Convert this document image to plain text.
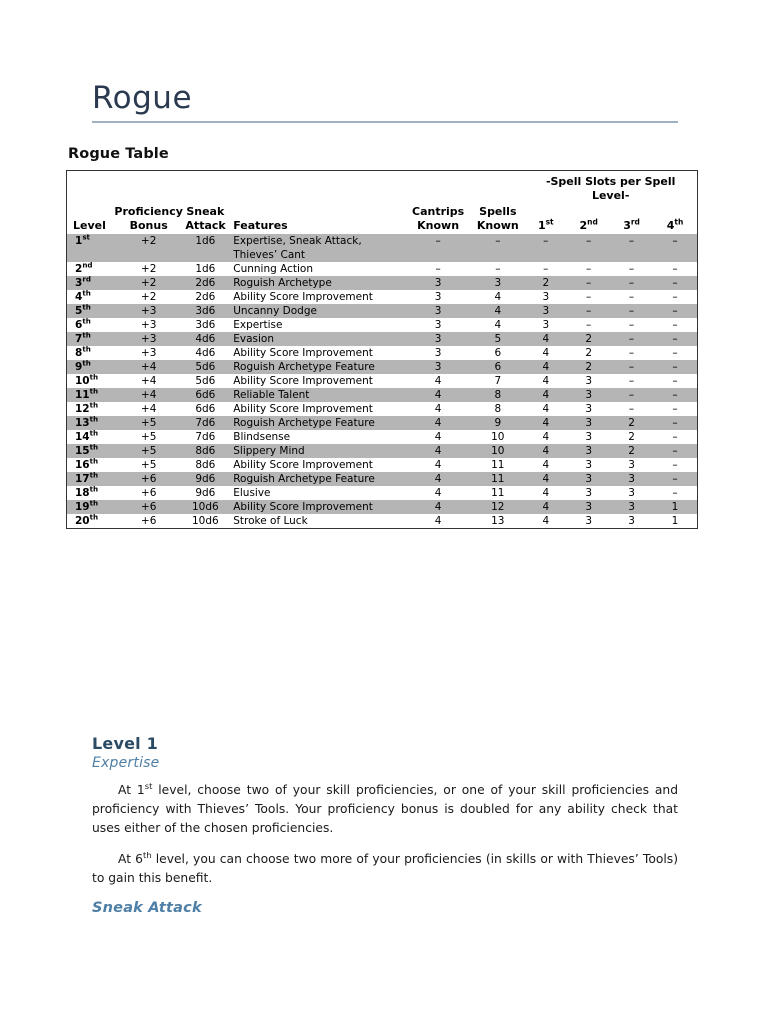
Rogue
Rogue Table
						-Spell Slots per Spell Level-			
Level	Proficiency Bonus	Sneak Attack	Features	Cantrips Known	Spells Known	1st	2nd	3rd	4th
1st	+2	1d6	Expertise, Sneak Attack, Thieves’ Cant	–	–	–	–	–	–
2nd	+2	1d6	Cunning Action	–	–	–	–	–	–
3rd	+2	2d6	Roguish Archetype	3	3	2	–	–	–
4th	+2	2d6	Ability Score Improvement	3	4	3	–	–	–
5th	+3	3d6	Uncanny Dodge	3	4	3	–	–	–
6th	+3	3d6	Expertise	3	4	3	–	–	–
7th	+3	4d6	Evasion	3	5	4	2	–	–
8th	+3	4d6	Ability Score Improvement	3	6	4	2	–	–
9th	+4	5d6	Roguish Archetype Feature	3	6	4	2	–	–
10th	+4	5d6	Ability Score Improvement	4	7	4	3	–	–
11th	+4	6d6	Reliable Talent	4	8	4	3	–	–
12th	+4	6d6	Ability Score Improvement	4	8	4	3	–	–
13th	+5	7d6	Roguish Archetype Feature	4	9	4	3	2	–
14th	+5	7d6	Blindsense	4	10	4	3	2	–
15th	+5	8d6	Slippery Mind	4	10	4	3	2	–
16th	+5	8d6	Ability Score Improvement	4	11	4	3	3	–
17th	+6	9d6	Roguish Archetype Feature	4	11	4	3	3	–
18th	+6	9d6	Elusive	4	11	4	3	3	–
19th	+6	10d6	Ability Score Improvement	4	12	4	3	3	1
20th	+6	10d6	Stroke of Luck	4	13	4	3	3	1
Level 1
Expertise

At 1st level, choose two of your skill proficiencies, or one of your skill proficiencies and proficiency with Thieves’ Tools. Your proficiency bonus is doubled for any ability check that uses either of the chosen proficiencies.

At 6th level, you can choose two more of your proficiencies (in skills or with Thieves’ Tools) to gain this benefit.

Sneak Attack
